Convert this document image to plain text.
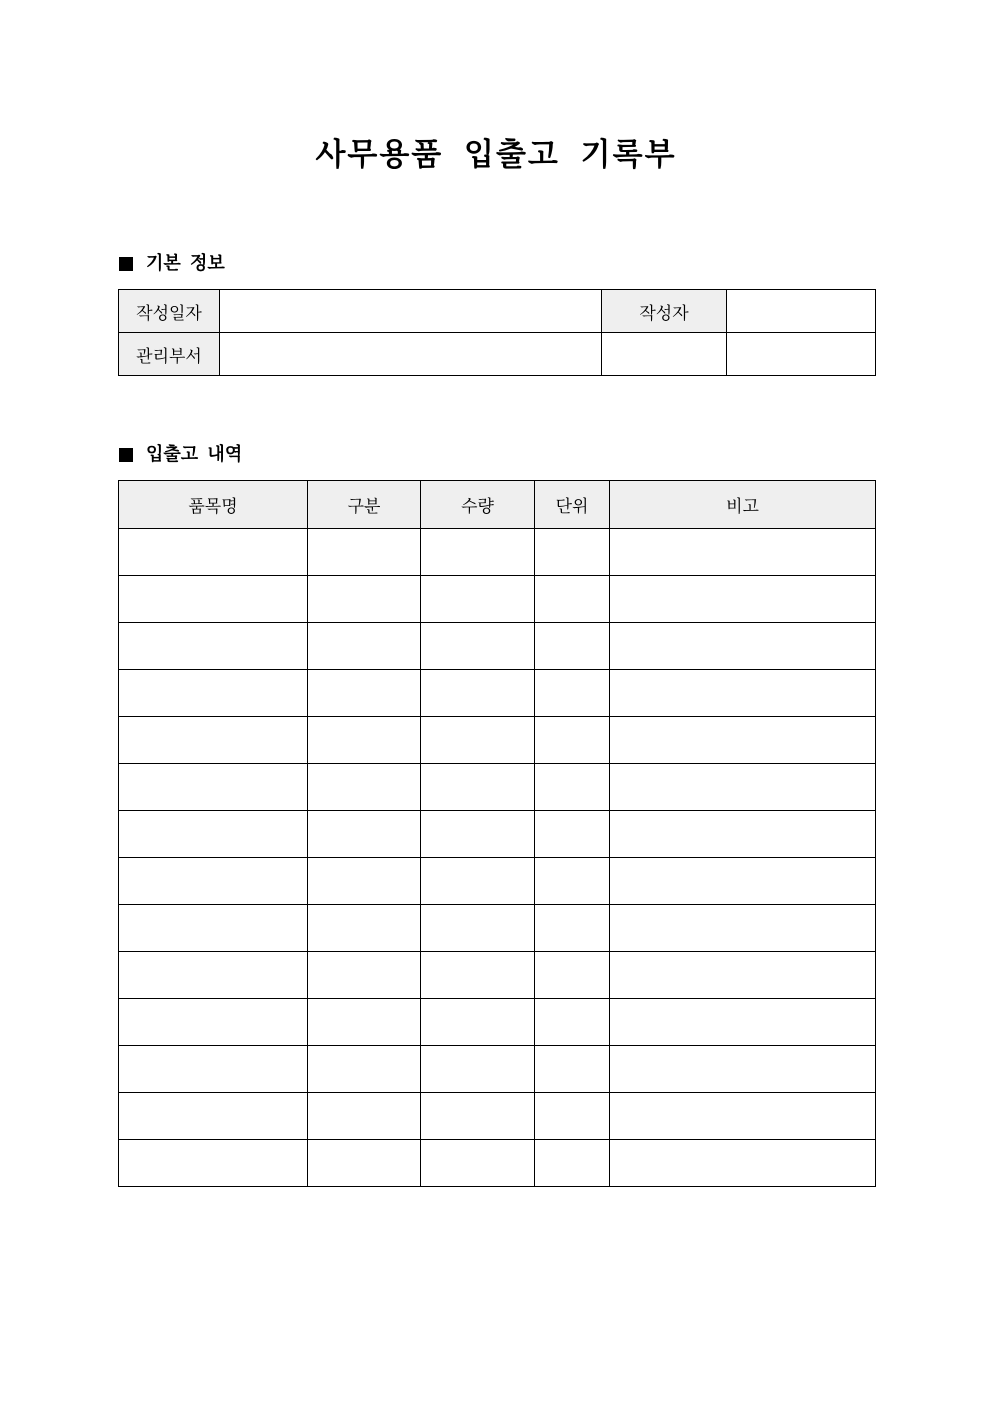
사무용품 입출고 기록부
기본 정보
작성일자		작성자	
관리부서			
입출고 내역
품목명	구분	수량	단위	비고
